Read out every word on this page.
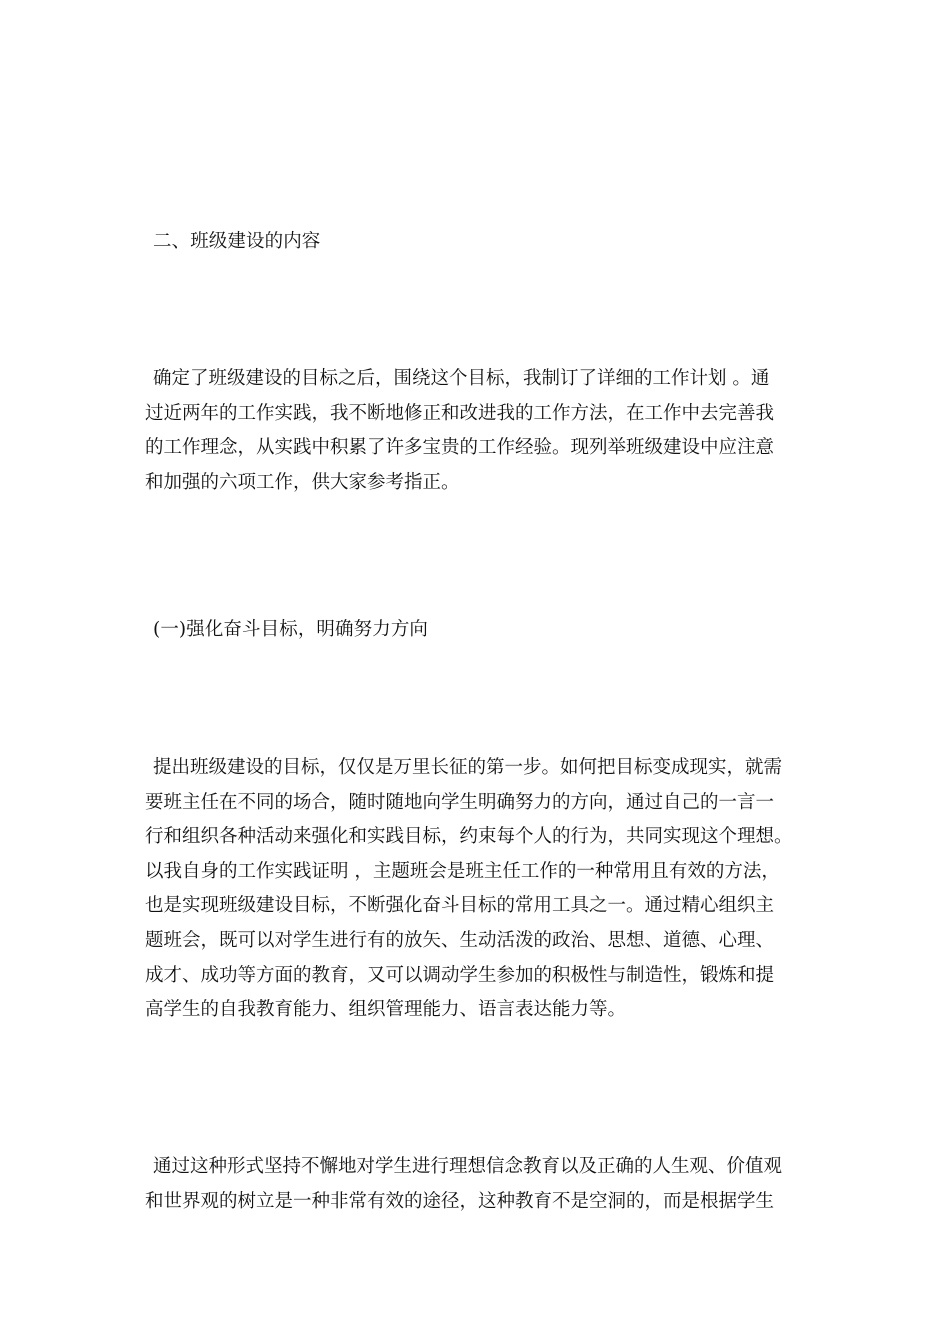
二、班级建设的内容
确定了班级建设的目标之后，围绕这个目标，我制订了详细的工作计划 。通
过近两年的工作实践，我不断地修正和改进我的工作方法，在工作中去完善我
的工作理念，从实践中积累了许多宝贵的工作经验。现列举班级建设中应注意
和加强的六项工作，供大家参考指正。
(一)强化奋斗目标，明确努力方向
提出班级建设的目标，仅仅是万里长征的第一步。如何把目标变成现实，就需
要班主任在不同的场合，随时随地向学生明确努力的方向，通过自己的一言一
行和组织各种活动来强化和实践目标，约束每个人的行为，共同实现这个理想。
以我自身的工作实践证明 ，主题班会是班主任工作的一种常用且有效的方法，
也是实现班级建设目标，不断强化奋斗目标的常用工具之一。通过精心组织主
题班会，既可以对学生进行有的放矢、生动活泼的政治、思想、道德、心理、
成才、成功等方面的教育，又可以调动学生参加的积极性与制造性，锻炼和提
高学生的自我教育能力、组织管理能力、语言表达能力等。
通过这种形式坚持不懈地对学生进行理想信念教育以及正确的人生观、价值观
和世界观的树立是一种非常有效的途径，这种教育不是空洞的，而是根据学生
